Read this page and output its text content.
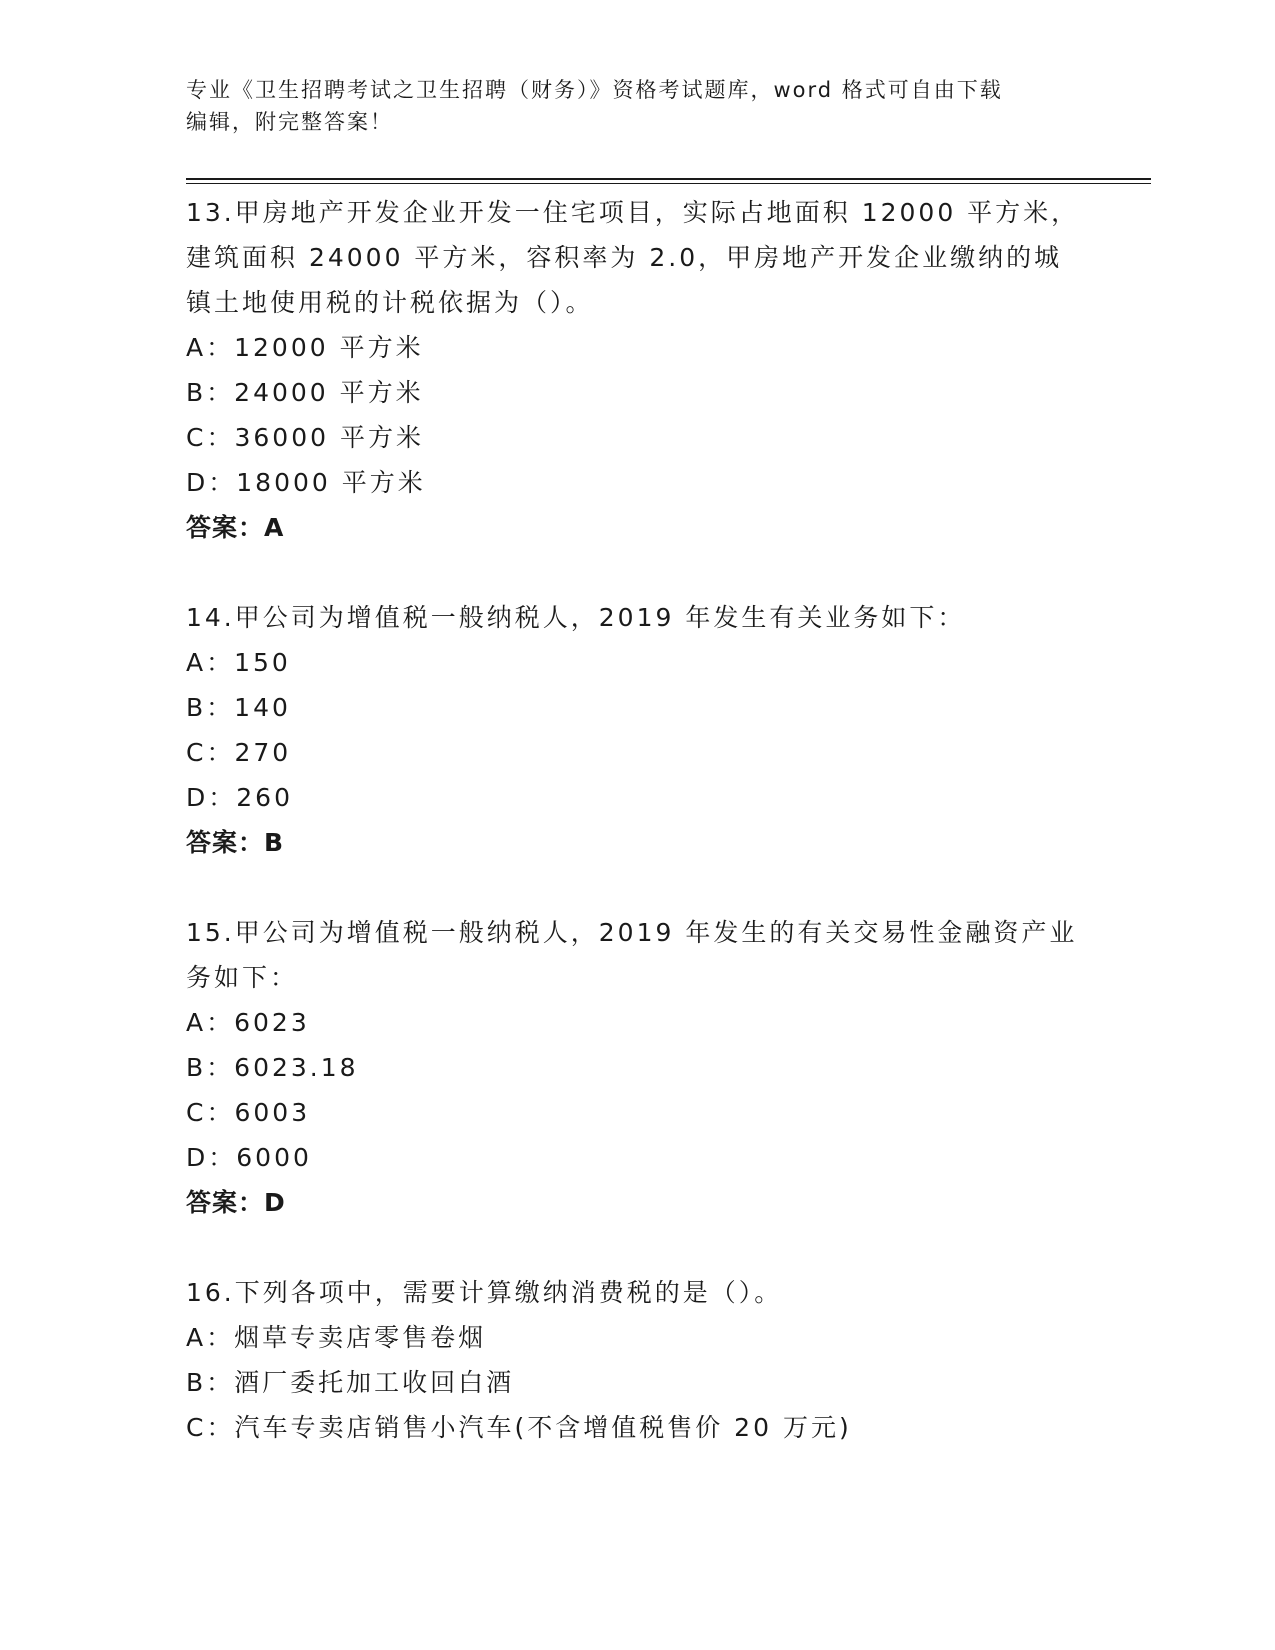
专业《卫生招聘考试之卫生招聘（财务）》资格考试题库，word 格式可自由下载
编辑，附完整答案！

13.甲房地产开发企业开发一住宅项目，实际占地面积 12000 平方米，建筑面积 24000 平方米，容积率为 2.0，甲房地产开发企业缴纳的城镇土地使用税的计税依据为（）。

A：12000 平方米

B：24000 平方米

C：36000 平方米

D：18000 平方米

答案：A

14.甲公司为增值税一般纳税人，2019 年发生有关业务如下：

A：150

B：140

C：270

D：260

答案：B

15.甲公司为增值税一般纳税人，2019 年发生的有关交易性金融资产业务如下：

A：6023

B：6023.18

C：6003

D：6000

答案：D

16.下列各项中，需要计算缴纳消费税的是（）。

A：烟草专卖店零售卷烟

B：酒厂委托加工收回白酒

C：汽车专卖店销售小汽车(不含增值税售价 20 万元)
